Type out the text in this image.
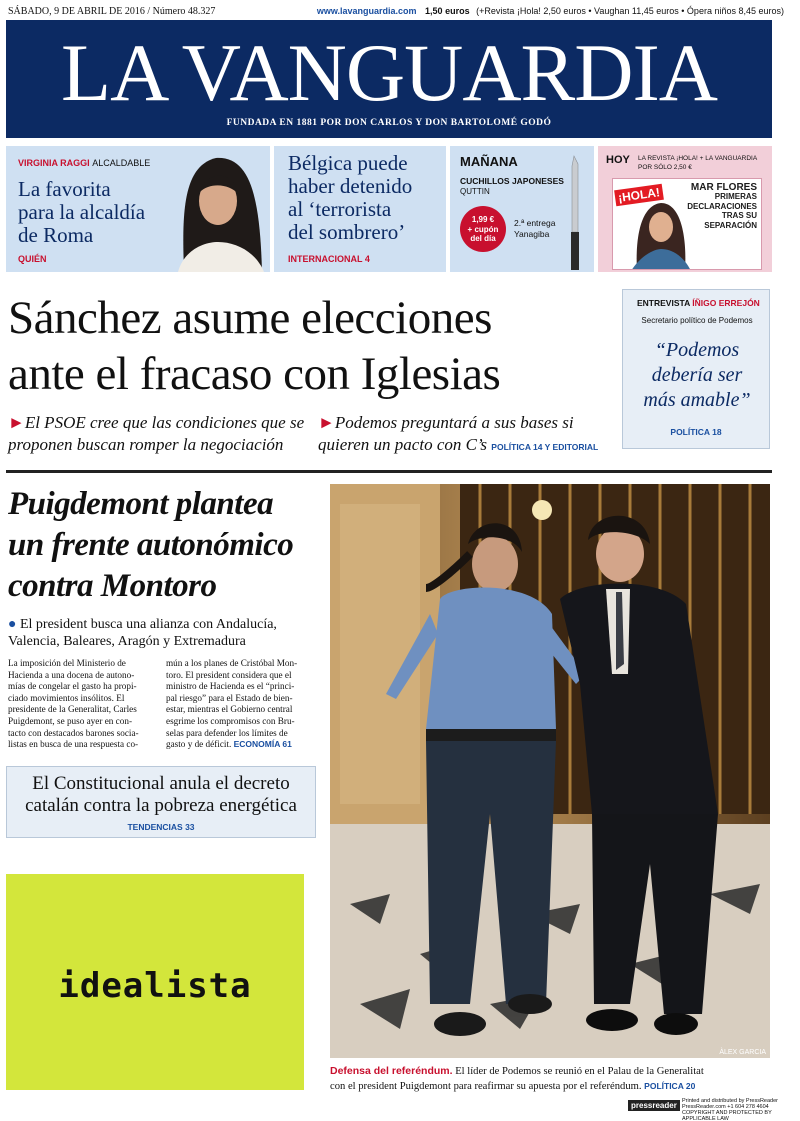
SÁBADO, 9 DE ABRIL DE 2016 / Número 48.327	www.lavanguardia.com 1,50 euros (+Revista ¡Hola! 2,50 euros • Vaughan 11,45 euros • Ópera niños 8,45 euros)
LA VANGUARDIA
FUNDADA EN 1881 POR DON CARLOS Y DON BARTOLOMÉ GODÓ
VIRGINIA RAGGI ALCALDABLE
La favorita
para la alcaldía
de Roma
QUIÉN
Bélgica puede
haber detenido
al ‘terrorista
del sombrero’
INTERNACIONAL 4
MAÑANA
CUCHILLOS JAPONESES
QUTTIN
1,99 €
+ cupón
del día
2.ª entrega
Yanagiba
HOY LA REVISTA ¡HOLA! + LA VANGUARDIA
POR SÓLO 2,50 €
¡HOLA!	MAR FLORES
PRIMERAS
DECLARACIONES
TRAS SU
SEPARACIÓN
Sánchez asume elecciones
ante el fracaso con Iglesias
►El PSOE cree que las condiciones que se
proponen buscan romper la negociación
►Podemos preguntará a sus bases si
quieren un pacto con C’s POLÍTICA 14 Y EDITORIAL
ENTREVISTA ÍÑIGO ERREJÓN
Secretario político de Podemos
“Podemos
debería ser
más amable”
POLÍTICA 18
Puigdemont plantea
un frente autonómico
contra Montoro
● El president busca una alianza con Andalucía,
Valencia, Baleares, Aragón y Extremadura
La imposición del Ministerio de
Hacienda a una docena de autono-
mías de congelar el gasto ha propi-
ciado movimientos insólitos. El
presidente de la Generalitat, Carles
Puigdemont, se puso ayer en con-
tacto con destacados barones socia-
listas en busca de una respuesta co-
mún a los planes de Cristóbal Mon-
toro. El president considera que el
ministro de Hacienda es el “princi-
pal riesgo” para el Estado de bien-
estar, mientras el Gobierno central
esgrime los compromisos con Bru-
selas para defender los límites de
gasto y de déficit. ECONOMÍA 61
El Constitucional anula el decreto
catalán contra la pobreza energética
TENDENCIAS 33
idealista
ÀLEX GARCIA
Defensa del referéndum. El líder de Podemos se reunió en el Palau de la Generalitat
con el president Puigdemont para reafirmar su apuesta por el referéndum. POLÍTICA 20
pressreader Printed and distributed by PressReader
PressReader.com +1 604 278 4604
COPYRIGHT AND PROTECTED BY APPLICABLE LAW
